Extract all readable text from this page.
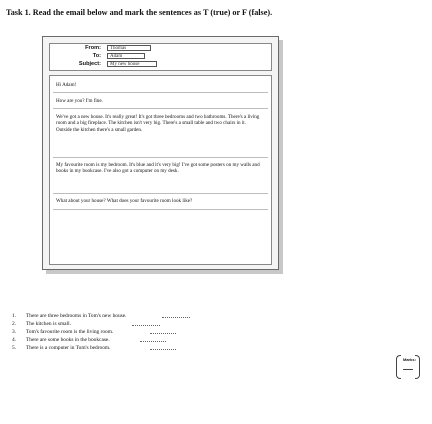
Task 1. Read the email below and mark the sentences as T (true) or F (false).
From:	Thomas
To:	Adam
Subject:	My new house
Hi Adam!
How are you? I'm fine.
We've got a new house. It's really great! It's got three bedrooms and two bathrooms. There's a living room and a big fireplace. The kitchen isn't very big. There's a small table and two chairs in it. Outside the kitchen there's a small garden.
My favourite room is my bedroom. It's blue and it's very big! I've got some posters on my walls and books in my bookcase. I've also got a computer on my desk.
What about your house? What does your favourite room look like?
1.	There are three bedrooms in Tom's new house.
2.	The kitchen is small.
3.	Tom's favourite room is the living room.
4.	There are some books in the bookcase.
5.	There is a computer in Tom's bedroom.
Marks:
